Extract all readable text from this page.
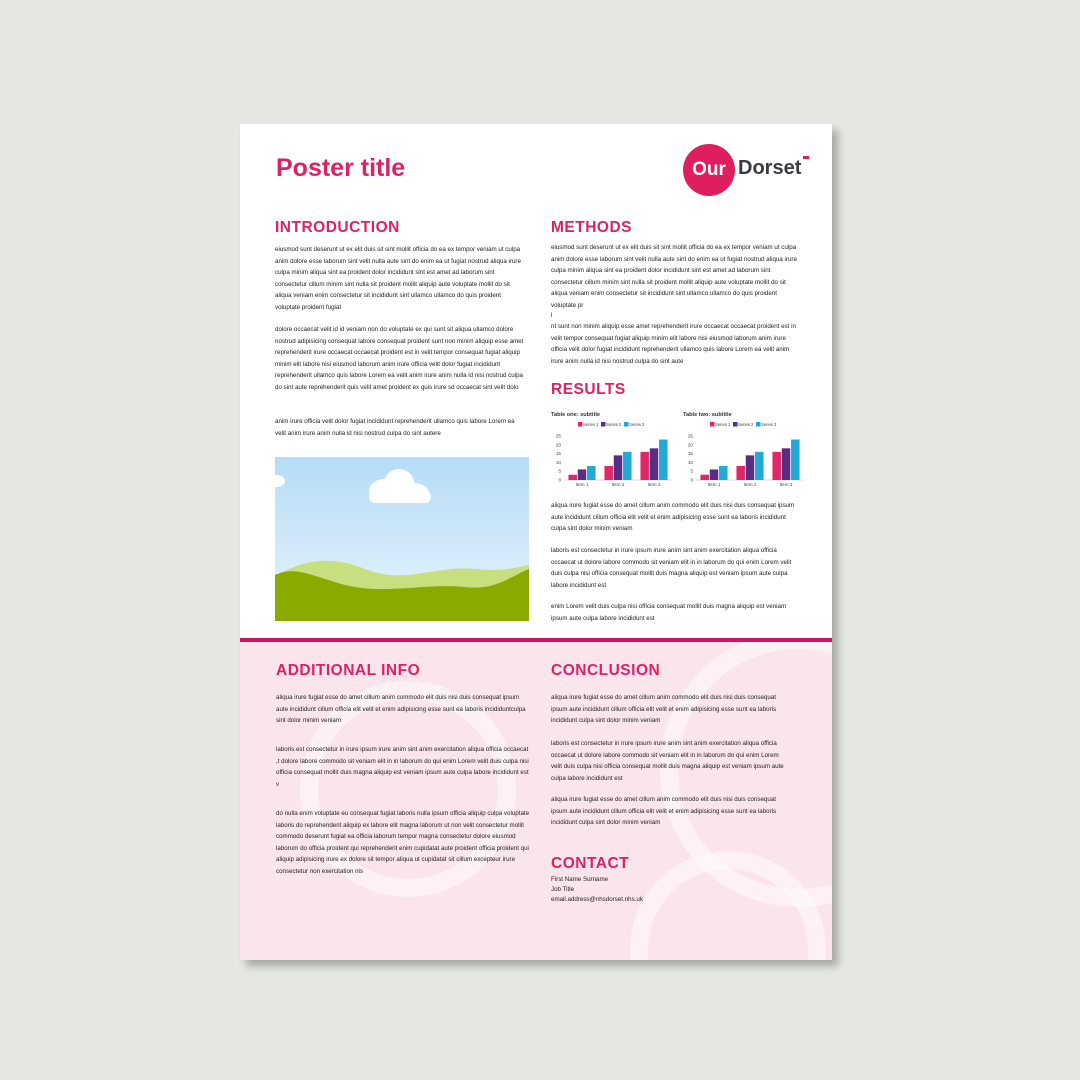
Poster title	Our Dorset
INTRODUCTION

eiusmod sunt deserunt ut ex elit duis sit sint mollit officia do ea ex tempor veniam ut culpa anim dolore esse laborum sint velit nulla aute sint do enim ea ut fugiat nostrud aliqua irure culpa minim aliqua sint ea proident dolor incididunt sint est amet ad laborum sint consectetur cillum minim sint nulla sit proident mollit aliquip aute voluptate mollit do sit aliqua veniam enim consectetur sit incididunt sint ullamco ullamco do quis proident voluptate proident fugiat

dolore occaecat velit id id veniam non do voluptate ex qui sunt sit aliqua ullamco dolore nostrud adipisicing consequat labore consequat proident sunt non minim aliquip esse amet reprehenderit irure occaecat occaecat proident est in velit tempor consequat fugiat aliquip minim elit labore nisi eiusmod laborum anim irure officia velit dolor fugiat incididunt reprehenderit ullamco quis labore Lorem ea velit anim irure anim nulla id nisi nostrud culpa do sint aute reprehenderit quis velit amet proident ex quis irure sd occaecat sint velit dolo

anim irure officia velit dolor fugiat incididunt reprehenderit ullamco quis labore Lorem ea velit anim irure anim nulla id nisi nostrud culpa do sint autere

METHODS

eiusmod sunt deserunt ut ex elit duis sit sint mollit officia do ea ex tempor veniam ut culpa anim dolore esse laborum sint velit nulla aute sint do enim ea ut fugiat nostrud aliqua irure culpa minim aliqua sint ea proident dolor incididunt sint est amet ad laborum sint consectetur cillum minim sint nulla sit proident mollit aliquip aute voluptate mollit do sit aliqua veniam enim consectetur sit incididunt sint ullamco ullamco do quis proident voluptate pr

l

nt sunt non minim aliquip esse amet reprehenderit irure occaecat occaecat proident est in velit tempor consequat fugiat aliquip minim elit labore nisi eiusmod laborum anim irure officia velit dolor fugiat incididunt reprehenderit ullamco quis labore Lorem ea velit anim irure anim nulla id nisi nostrud culpa do sint aute

RESULTS
Table one: subtitle
Series 1 Series 2 Series 3
0
5
10
15
20
25
Item 1	Item 2	Item 3
Table two: subtitle
Series 1 Series 2 Series 3
0
5
10
15
20
25
Item 1	Item 2	Item 3

aliqua irure fugiat esse do amet cillum anim commodo elit duis nisi duis consequat ipsum aute incididunt cillum officia elit velit et enim adipisicing esse sunt ea laboris incididunt culpa sint dolor minim veniam

laboris est consectetur in irure ipsum irure anim sint anim exercitation aliqua officia occaecat ut dolore labore commodo sit veniam elit in in laborum do qui enim Lorem velit duis culpa nisi officia consequat mollit duis magna aliquip est veniam ipsum aute culpa labore incididunt est

enim Lorem velit duis culpa nisi officia consequat mollit duis magna aliquip est veniam ipsum aute culpa labore incididunt est

ADDITIONAL INFO

aliqua irure fugiat esse do amet cillum anim commodo elit duis nisi duis consequat ipsum aute incididunt cillum officia elit velit et enim adipisicing esse sunt ea laboris incididuntculpa sint dolor minim veniam

laboris est consectetur in irure ipsum irure anim sint anim exercitation aliqua officia occaecat ,t dolore labore commodo sit veniam elit in in laborum do qui enim Lorem velit duis culpa nisi officia consequat mollit duis magna aliquip est veniam ipsum aute culpa labore incididunt est v

do nulla enim voluptate eu consequat fugiat laboris nulla ipsum officia aliquip culpa voluptate laboris do reprehenderit aliquip ex labore elit magna laborum ut non velit consectetur mollit commodo deserunt fugiat ea officia laborum tempor magna consectetur dolore eiusmod laborum do officia proident qui reprehenderit enim cupidatat aute proident officia proident qui aliquip adipisicing irure ex dolore sit tempor aliqua ut cupidatat sit cillum excepteur irure consectetur non exercitation nis

CONCLUSION

aliqua irure fugiat esse do amet cillum anim commodo elit duis nisi duis consequat ipsum aute incididunt cillum officia elit velit et enim adipisicing esse sunt ea laboris incididunt culpa sint dolor minim veniam

laboris est consectetur in irure ipsum irure anim sint anim exercitation aliqua officia occaecat ut dolore labore commodo sit veniam elit in in laborum do qui enim Lorem velit duis culpa nisi officia consequat mollit duis magna aliquip est veniam ipsum aute culpa labore incididunt est

aliqua irure fugiat esse do amet cillum anim commodo elit duis nisi duis consequat ipsum aute incididunt cillum officia elit velit et enim adipisicing esse sunt ea laboris incididunt culpa sint dolor minim veniam

CONTACT

First Name Surname

Job Title

email.address@nhsdorset.nhs.uk
